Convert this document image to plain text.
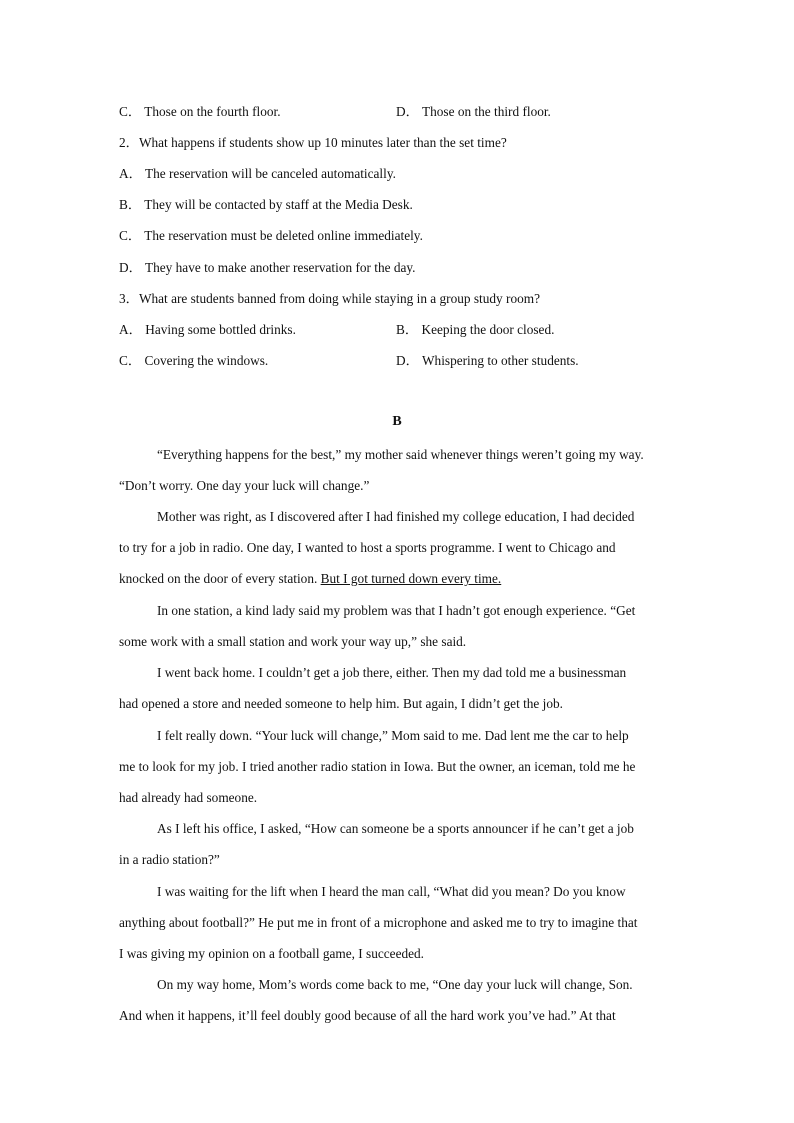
C． Those on the fourth floor.	D． Those on the third floor.
2．What happens if students show up 10 minutes later than the set time?
A． The reservation will be canceled automatically.
B． They will be contacted by staff at the Media Desk.
C． The reservation must be deleted online immediately.
D． They have to make another reservation for the day.
3．What are students banned from doing while staying in a group study room?
A． Having some bottled drinks.	B． Keeping the door closed.
C． Covering the windows.	D． Whispering to other students.
B
“Everything happens for the best,” my mother said whenever things weren’t going my way.
“Don’t worry. One day your luck will change.”
Mother was right, as I discovered after I had finished my college education, I had decided
to try for a job in radio. One day, I wanted to host a sports programme. I went to Chicago and
knocked on the door of every station. But I got turned down every time.
In one station, a kind lady said my problem was that I hadn’t got enough experience. “Get
some work with a small station and work your way up,” she said.
I went back home. I couldn’t get a job there, either. Then my dad told me a businessman
had opened a store and needed someone to help him. But again, I didn’t get the job.
I felt really down. “Your luck will change,” Mom said to me. Dad lent me the car to help
me to look for my job. I tried another radio station in Iowa. But the owner, an iceman, told me he
had already had someone.
As I left his office, I asked, “How can someone be a sports announcer if he can’t get a job
in a radio station?”
I was waiting for the lift when I heard the man call, “What did you mean? Do you know
anything about football?” He put me in front of a microphone and asked me to try to imagine that
I was giving my opinion on a football game, I succeeded.
On my way home, Mom’s words come back to me, “One day your luck will change, Son.
And when it happens, it’ll feel doubly good because of all the hard work you’ve had.” At that
